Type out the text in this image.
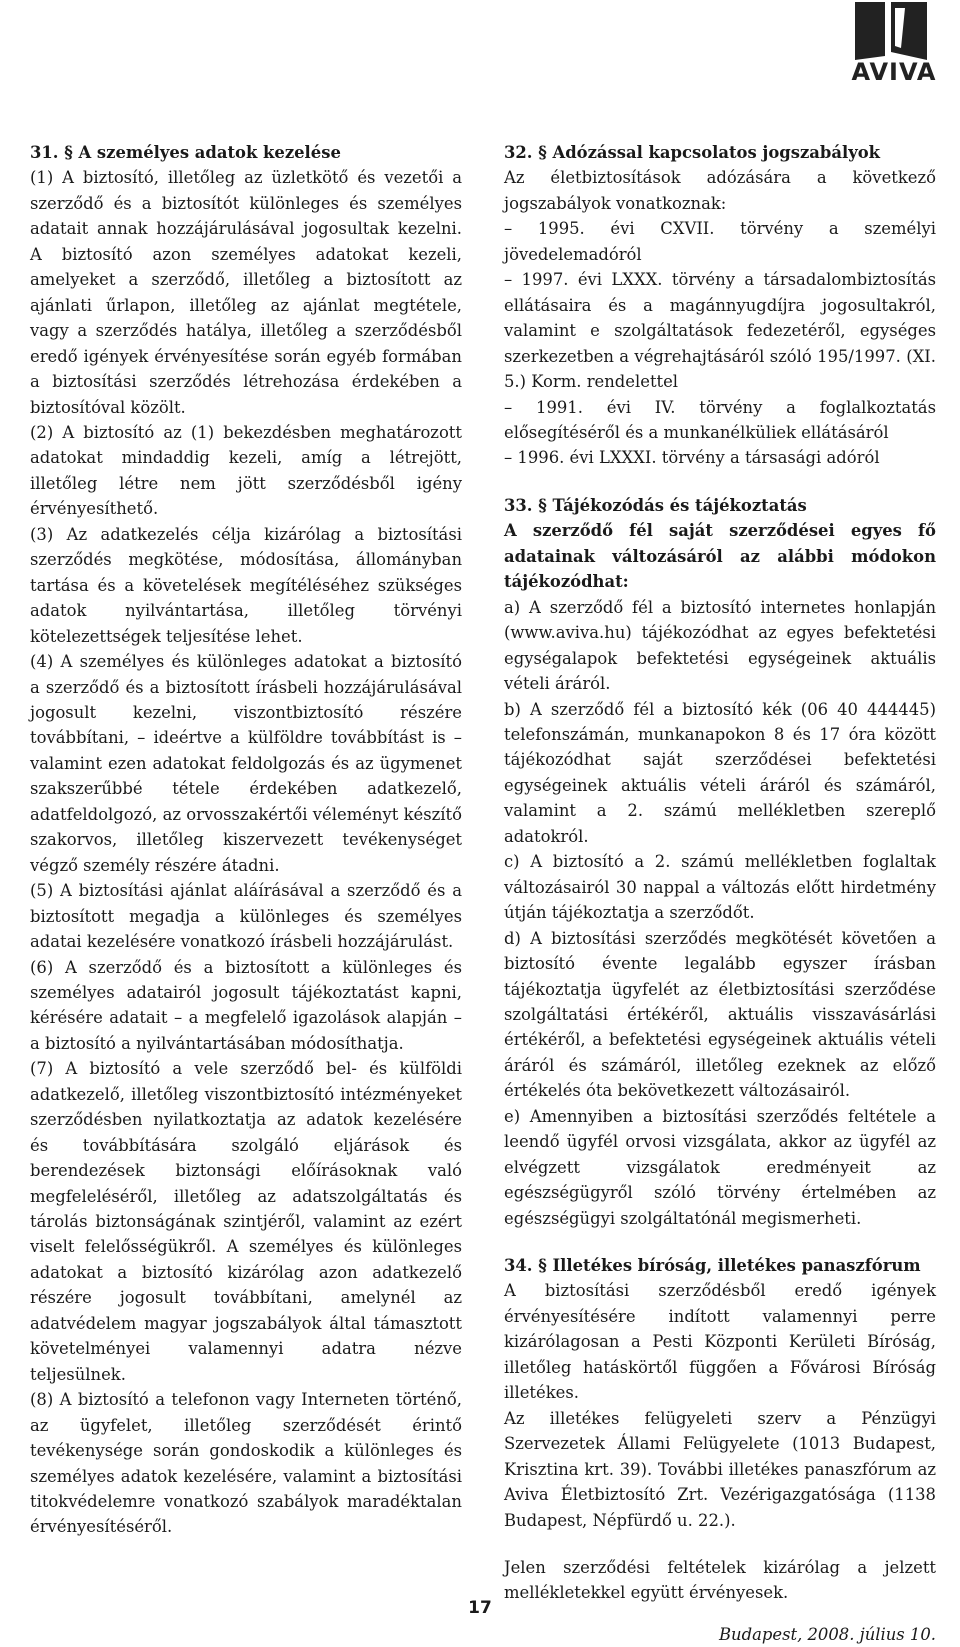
AVIVA
31. § A személyes adatok kezelése

(1) A biztosító, illetőleg az üzletkötő és vezetői a szerződő és a biztosítót különleges és személyes adatait annak hozzájárulásával jogosultak kezelni. A biztosító azon személyes adatokat kezeli, amelyeket a szerződő, illetőleg a biztosított az ajánlati űrlapon, illetőleg az ajánlat megtétele, vagy a szerződés hatálya, illetőleg a szerződésből eredő igények érvényesítése során egyéb formában a biztosítási szerződés létrehozása érdekében a biztosítóval közölt.

(2) A biztosító az (1) bekezdésben meghatározott adatokat mindaddig kezeli, amíg a létrejött, illetőleg létre nem jött szerződésből igény érvényesíthető.

(3) Az adatkezelés célja kizárólag a biztosítási szerződés megkötése, módosítása, állományban tartása és a követelések megítéléséhez szükséges adatok nyilvántartása, illetőleg törvényi kötelezettségek teljesítése lehet.

(4) A személyes és különleges adatokat a biztosító a szerződő és a biztosított írásbeli hozzájárulásával jogosult kezelni, viszontbiztosító részére továbbítani, – ideértve a külföldre továbbítást is – valamint ezen adatokat feldolgozás és az ügymenet szakszerűbbé tétele érdekében adatkezelő, adatfeldolgozó, az orvosszakértői véleményt készítő szakorvos, illetőleg kiszervezett tevékenységet végző személy részére átadni.

(5) A biztosítási ajánlat aláírásával a szerződő és a biztosított megadja a különleges és személyes adatai kezelésére vonatkozó írásbeli hozzájárulást.

(6) A szerződő és a biztosított a különleges és személyes adatairól jogosult tájékoztatást kapni, kérésére adatait – a megfelelő igazolások alapján – a biztosító a nyilvántartásában módosíthatja.

(7) A biztosító a vele szerződő bel- és külföldi adatkezelő, illetőleg viszontbiztosító intézményeket szerződésben nyilatkoztatja az adatok kezelésére és továbbítására szolgáló eljárások és berendezések biztonsági előírásoknak való megfeleléséről, illetőleg az adatszolgáltatás és tárolás biztonságának szintjéről, valamint az ezért viselt felelősségükről. A személyes és különleges adatokat a biztosító kizárólag azon adatkezelő részére jogosult továbbítani, amelynél az adatvédelem magyar jogszabályok által támasztott követelményei valamennyi adatra nézve teljesülnek.

(8) A biztosító a telefonon vagy Interneten történő, az ügyfelet, illetőleg szerződését érintő tevékenysége során gondoskodik a különleges és személyes adatok kezelésére, valamint a biztosítási titokvédelemre vonatkozó szabályok maradéktalan érvényesítéséről.

32. § Adózással kapcsolatos jogszabályok

Az életbiztosítások adózására a következő jogszabályok vonatkoznak:

– 1995. évi CXVII. törvény a személyi jövedelemadóról

– 1997. évi LXXX. törvény a társadalombiztosítás ellátásaira és a magánnyugdíjra jogosultakról, valamint e szolgáltatások fedezetéről, egységes szerkezetben a végrehajtásáról szóló 195/1997. (XI. 5.) Korm. rendelettel

– 1991. évi IV. törvény a foglalkoztatás elősegítéséről és a munkanélküliek ellátásáról

– 1996. évi LXXXI. törvény a társasági adóról

33. § Tájékozódás és tájékoztatás

A szerződő fél saját szerződései egyes fő adatainak változásáról az alábbi módokon tájékozódhat:

a) A szerződő fél a biztosító internetes honlapján (www.aviva.hu) tájékozódhat az egyes befektetési egységalapok befektetési egységeinek aktuális vételi áráról.

b) A szerződő fél a biztosító kék (06 40 444445) telefonszámán, munkanapokon 8 és 17 óra között tájékozódhat saját szerződései befektetési egységeinek aktuális vételi áráról és számáról, valamint a 2. számú mellékletben szereplő adatokról.

c) A biztosító a 2. számú mellékletben foglaltak változásairól 30 nappal a változás előtt hirdetmény útján tájékoztatja a szerződőt.

d) A biztosítási szerződés megkötését követően a biztosító évente legalább egyszer írásban tájékoztatja ügyfelét az életbiztosítási szerződése szolgáltatási értékéről, aktuális visszavásárlási értékéről, a befektetési egységeinek aktuális vételi áráról és számáról, illetőleg ezeknek az előző értékelés óta bekövetkezett változásairól.

e) Amennyiben a biztosítási szerződés feltétele a leendő ügyfél orvosi vizsgálata, akkor az ügyfél az elvégzett vizsgálatok eredményeit az egészségügyről szóló törvény értelmében az egészségügyi szolgáltatónál megismerheti.

34. § Illetékes bíróság, illetékes panaszfórum

A biztosítási szerződésből eredő igények érvényesítésére indított valamennyi perre kizárólagosan a Pesti Központi Kerületi Bíróság, illetőleg hatáskörtől függően a Fővárosi Bíróság illetékes.

Az illetékes felügyeleti szerv a Pénzügyi Szervezetek Állami Felügyelete (1013 Budapest, Krisztina krt. 39). További illetékes panaszfórum az Aviva Életbiztosító Zrt. Vezérigazgatósága (1138 Budapest, Népfürdő u. 22.).

Jelen szerződési feltételek kizárólag a jelzett mellékletekkel együtt érvényesek.

Budapest, 2008. július 10.

17
